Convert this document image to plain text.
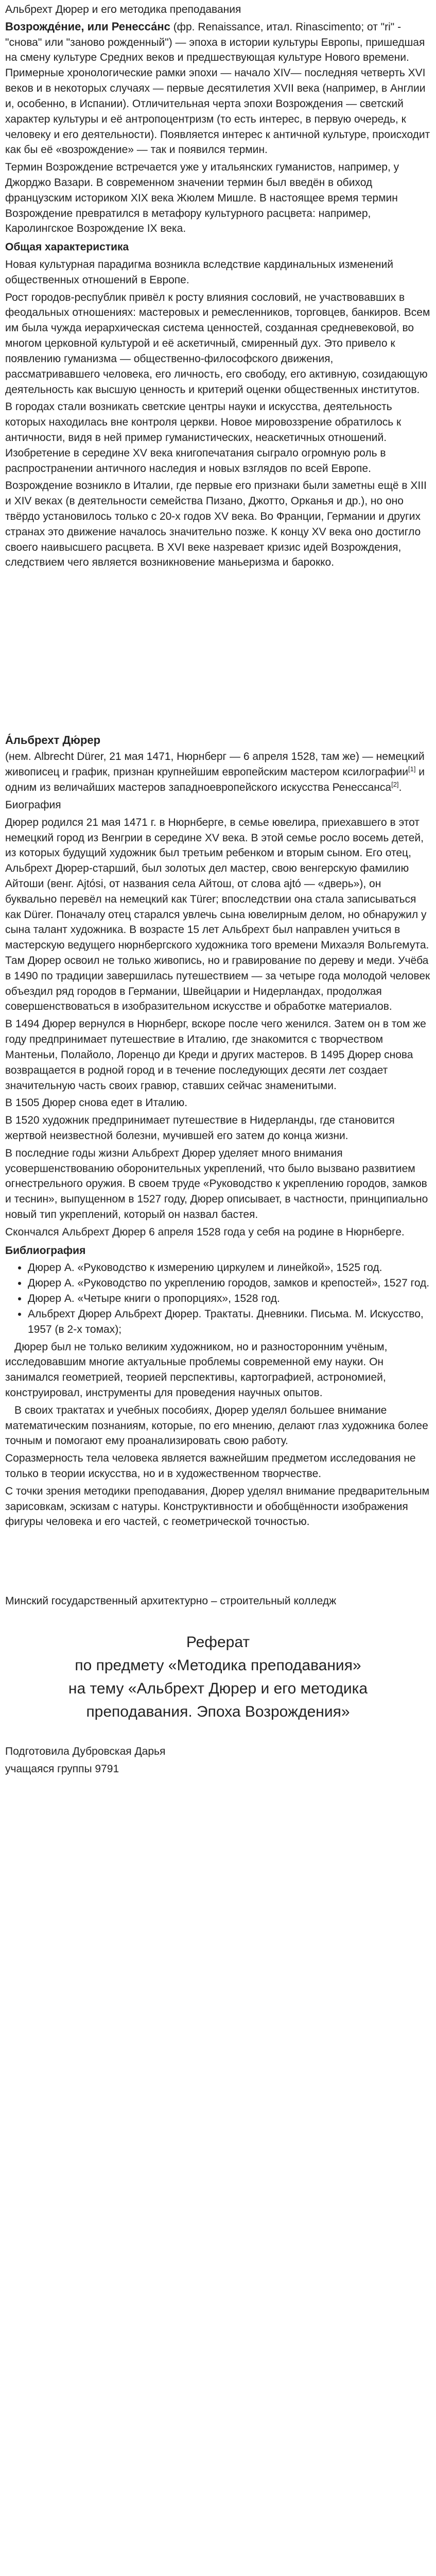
Альбрехт Дюрер и его методика преподавания

Возрожде́ние, или Ренесса́нс (фр. Renaissance, итал. Rinascimento; от "ri" - "снова" или "заново рожденный") — эпоха в истории культуры Европы, пришедшая на смену культуре Средних веков и предшествующая культуре Нового времени. Примерные хронологические рамки эпохи — начало XIV— последняя четверть XVI веков и в некоторых случаях — первые десятилетия XVII века (например, в Англии и, особенно, в Испании). Отличительная черта эпохи Возрождения — светский характер культуры и её антропоцентризм (то есть интерес, в первую очередь, к человеку и его деятельности). Появляется интерес к античной культуре, происходит как бы её «возрождение» — так и появился термин.

Термин Возрождение встречается уже у итальянских гуманистов, например, у Джорджо Вазари. В современном значении термин был введён в обиход французским историком XIX века Жюлем Мишле. В настоящее время термин Возрождение превратился в метафору культурного расцвета: например, Каролингское Возрождение IX века.

Общая характеристика

Новая культурная парадигма возникла вследствие кардинальных изменений общественных отношений в Европе.

Рост городов-республик привёл к росту влияния сословий, не участвовавших в феодальных отношениях: мастеровых и ремесленников, торговцев, банкиров. Всем им была чужда иерархическая система ценностей, созданная средневековой, во многом церковной культурой и её аскетичный, смиренный дух. Это привело к появлению гуманизма — общественно-философского движения, рассматривавшего человека, его личность, его свободу, его активную, созидающую деятельность как высшую ценность и критерий оценки общественных институтов.

В городах стали возникать светские центры науки и искусства, деятельность которых находилась вне контроля церкви. Новое мировоззрение обратилось к античности, видя в ней пример гуманистических, неаскетичных отношений. Изобретение в середине XV века книгопечатания сыграло огромную роль в распространении античного наследия и новых взглядов по всей Европе.

Возрождение возникло в Италии, где первые его признаки были заметны ещё в XIII и XIV веках (в деятельности семейства Пизано, Джотто, Орканья и др.), но оно твёрдо установилось только с 20-х годов XV века. Во Франции, Германии и других странах это движение началось значительно позже. К концу XV века оно достигло своего наивысшего расцвета. В XVI веке назревает кризис идей Возрождения, следствием чего является возникновение маньеризма и барокко.

А́льбрехт Дю́рер

(нем. Albrecht Dürer, 21 мая 1471, Нюрнберг — 6 апреля 1528, там же) — немецкий живописец и график, признан крупнейшим европейским мастером ксилографии[1] и одним из величайших мастеров западноевропейского искусства Ренессанса[2].

Биография

Дюрер родился 21 мая 1471 г. в Нюрнберге, в семье ювелира, приехавшего в этот немецкий город из Венгрии в середине XV века. В этой семье росло восемь детей, из которых будущий художник был третьим ребенком и вторым сыном. Его отец, Альбрехт Дюрер-старший, был золотых дел мастер, свою венгерскую фамилию Айтоши (венг. Ajtósi, от названия села Айтош, от слова ajtó — «дверь»), он буквально перевёл на немецкий как Türer; впоследствии она стала записываться как Dürer. Поначалу отец старался увлечь сына ювелирным делом, но обнаружил у сына талант художника. В возрасте 15 лет Альбрехт был направлен учиться в мастерскую ведущего нюрнбергского художника того времени Михаэля Вольгемута. Там Дюрер освоил не только живопись, но и гравирование по дереву и меди. Учёба в 1490 по традиции завершилась путешествием — за четыре года молодой человек объездил ряд городов в Германии, Швейцарии и Нидерландах, продолжая совершенствоваться в изобразительном искусстве и обработке материалов.

В 1494 Дюрер вернулся в Нюрнберг, вскоре после чего женился. Затем он в том же году предпринимает путешествие в Италию, где знакомится с творчеством Мантеньи, Полайоло, Лоренцо ди Креди и других мастеров. В 1495 Дюрер снова возвращается в родной город и в течение последующих десяти лет создает значительную часть своих гравюр, ставших сейчас знаменитыми.

В 1505 Дюрер снова едет в Италию.

В 1520 художник предпринимает путешествие в Нидерланды, где становится жертвой неизвестной болезни, мучившей его затем до конца жизни.

В последние годы жизни Альбрехт Дюрер уделяет много внимания усовершенствованию оборонительных укреплений, что было вызвано развитием огнестрельного оружия. В своем труде «Руководство к укреплению городов, замков и теснин», выпущенном в 1527 году, Дюрер описывает, в частности, принципиально новый тип укреплений, который он назвал бастея.

Скончался Альбрехт Дюрер 6 апреля 1528 года у себя на родине в Нюрнберге.

Библиография

• Дюрер А. «Руководство к измерению циркулем и линейкой», 1525 год.
• Дюрер А. «Руководство по укреплению городов, замков и крепостей», 1527 год.
• Дюрер А. «Четыре книги о пропорциях», 1528 год.
• Альбрехт Дюрер Альбрехт Дюрер. Трактаты. Дневники. Письма. М. Искусство, 1957 (в 2-х томах);

Дюрер был не только великим художником, но и разносторонним учёным, исследовавшим многие актуальные проблемы современной ему науки. Он занимался геометрией, теорией перспективы, картографией, астрономией, конструировал, инструменты для проведения научных опытов.

В своих трактатах и учебных пособиях, Дюрер уделял большее внимание математическим познаниям, которые, по его мнению, делают глаз художника более точным и помогают ему проанализировать свою работу.

Соразмерность тела человека является важнейшим предметом исследования не только в теории искусства, но и в художественном творчестве.

С точки зрения методики преподавания, Дюрер уделял внимание предварительным зарисовкам, эскизам с натуры. Конструктивности и обобщённости изображения фигуры человека и его частей, с геометрической точностью.

Минский государственный архитектурно – строительный колледж

Реферат
по предмету «Методика преподавания»
на тему «Альбрехт Дюрер и его методика
преподавания. Эпоха Возрождения»

Подготовила Дубровская Дарья

учащаяся группы 9791
